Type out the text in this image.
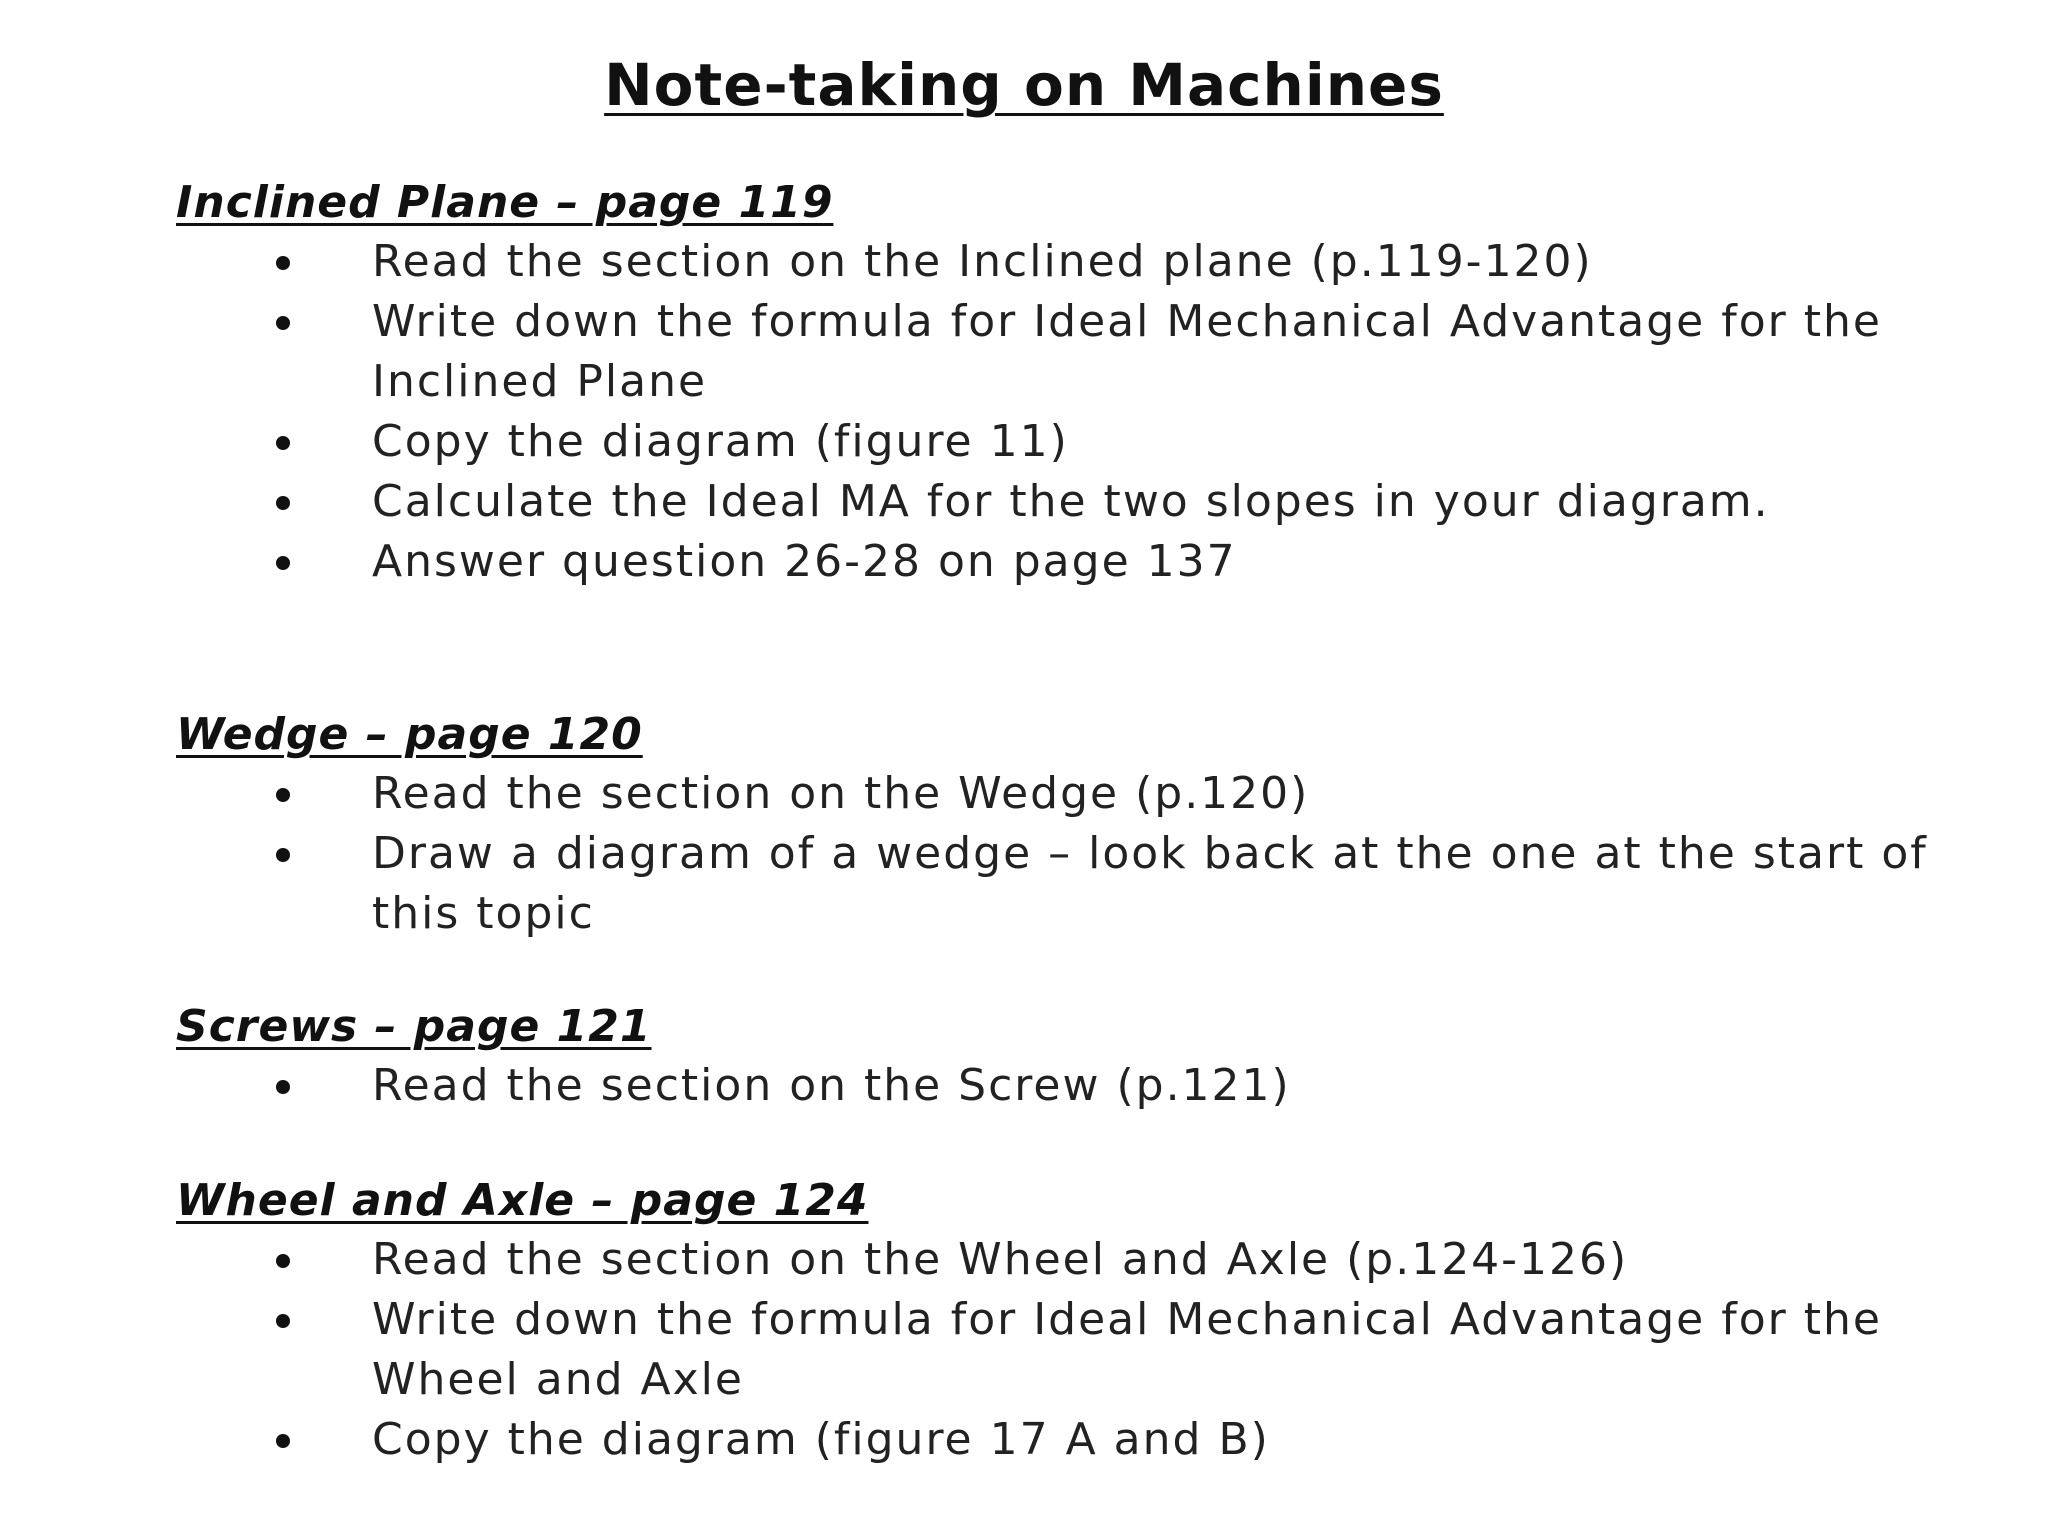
Note-taking on Machines
Inclined Plane – page 119
Read the section on the Inclined plane (p.119-120)
Write down the formula for Ideal Mechanical Advantage for the Inclined Plane
Copy the diagram (figure 11)
Calculate the Ideal MA for the two slopes in your diagram.
Answer question 26-28 on page 137
Wedge – page 120
Read the section on the Wedge (p.120)
Draw a diagram of a wedge – look back at the one at the start of this topic
Screws – page 121
Read the section on the Screw (p.121)
Wheel and Axle – page 124
Read the section on the Wheel and Axle (p.124-126)
Write down the formula for Ideal Mechanical Advantage for the Wheel and Axle
Copy the diagram (figure 17 A and B)
